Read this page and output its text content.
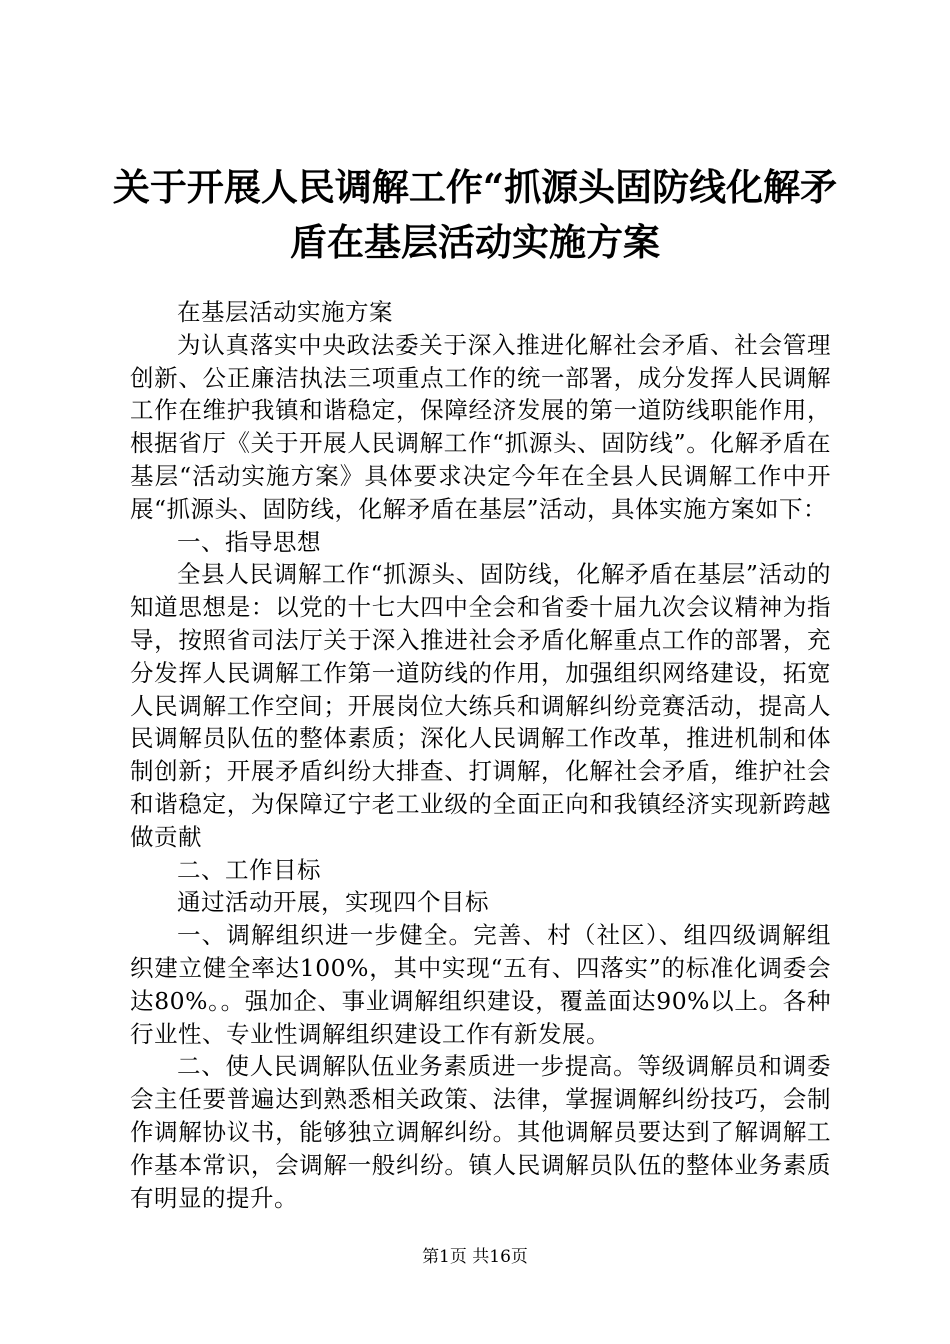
关于开展人民调解工作“抓源头固防线化解矛
盾在基层活动实施方案

在基层活动实施方案

为认真落实中央政法委关于深入推进化解社会矛盾、社会管理创新、公正廉洁执法三项重点工作的统一部署，成分发挥人民调解工作在维护我镇和谐稳定，保障经济发展的第一道防线职能作用，根据省厅《关于开展人民调解工作“抓源头、固防线”。化解矛盾在基层“活动实施方案》具体要求决定今年在全县人民调解工作中开展“抓源头、固防线，化解矛盾在基层”活动，具体实施方案如下：

一、指导思想

全县人民调解工作“抓源头、固防线，化解矛盾在基层”活动的知道思想是：以党的十七大四中全会和省委十届九次会议精神为指导，按照省司法厅关于深入推进社会矛盾化解重点工作的部署，充分发挥人民调解工作第一道防线的作用，加强组织网络建设，拓宽人民调解工作空间；开展岗位大练兵和调解纠纷竞赛活动，提高人民调解员队伍的整体素质；深化人民调解工作改革，推进机制和体制创新；开展矛盾纠纷大排查、打调解，化解社会矛盾，维护社会和谐稳定，为保障辽宁老工业级的全面正向和我镇经济实现新跨越做贡献

二、工作目标

通过活动开展，实现四个目标

一、调解组织进一步健全。完善、村（社区）、组四级调解组织建立健全率达100%，其中实现“五有、四落实”的标准化调委会达80%。。强加企、事业调解组织建设，覆盖面达90%以上。各种行业性、专业性调解组织建设工作有新发展。

二、使人民调解队伍业务素质进一步提高。等级调解员和调委会主任要普遍达到熟悉相关政策、法律，掌握调解纠纷技巧，会制作调解协议书，能够独立调解纠纷。其他调解员要达到了解调解工作基本常识，会调解一般纠纷。镇人民调解员队伍的整体业务素质有明显的提升。

第1页 共16页
